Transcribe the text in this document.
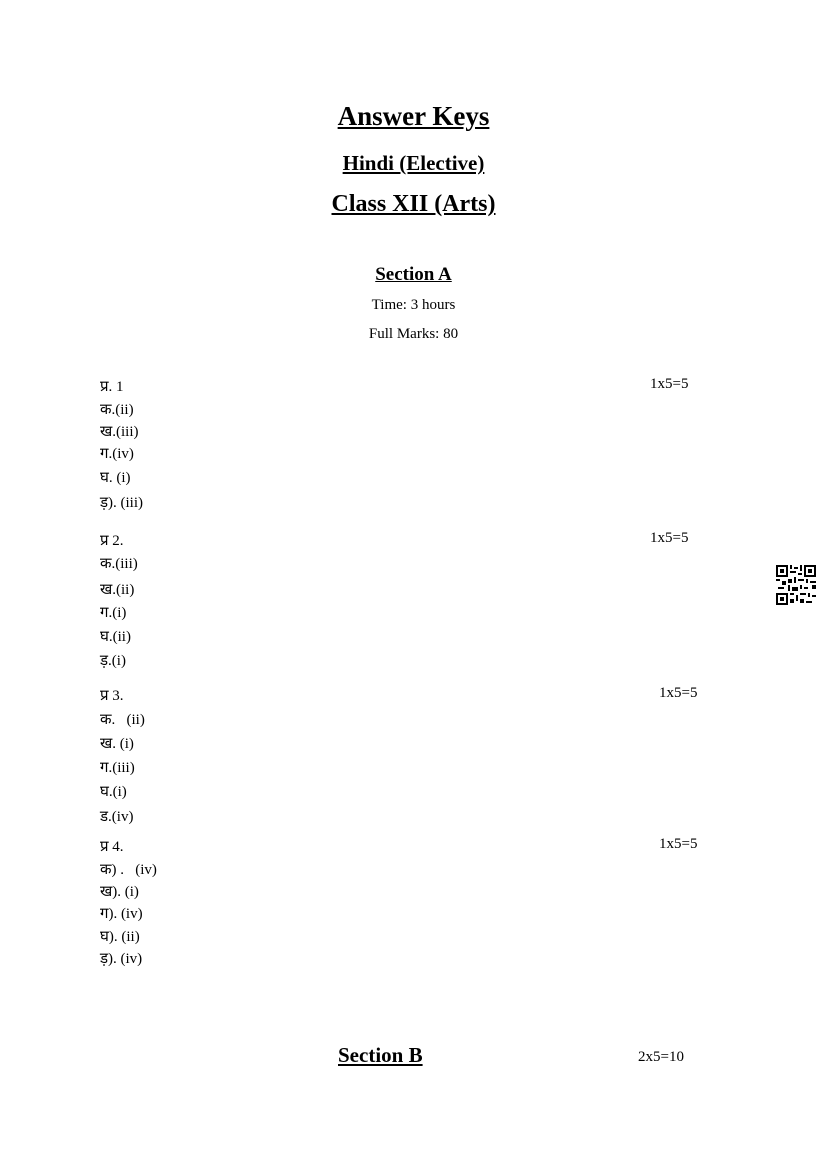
Answer Keys
Hindi (Elective)
Class XII (Arts)
Section A
Time: 3 hours
Full Marks: 80
प्र. 1	1x5=5
क.(ii)
ख.(iii)
ग.(iv)
घ. (i)
ड़). (iii)
प्र 2.	1x5=5
क.(iii)
ख.(ii)
ग.(i)
घ.(ii)
ड़.(i)
प्र 3.	1x5=5
क.   (ii)
ख. (i)
ग.(iii)
घ.(i)
ड.(iv)
प्र 4.	1x5=5
क) .   (iv)
ख). (i)
ग). (iv)
घ). (ii)
ड़). (iv)
Section B	2x5=10
